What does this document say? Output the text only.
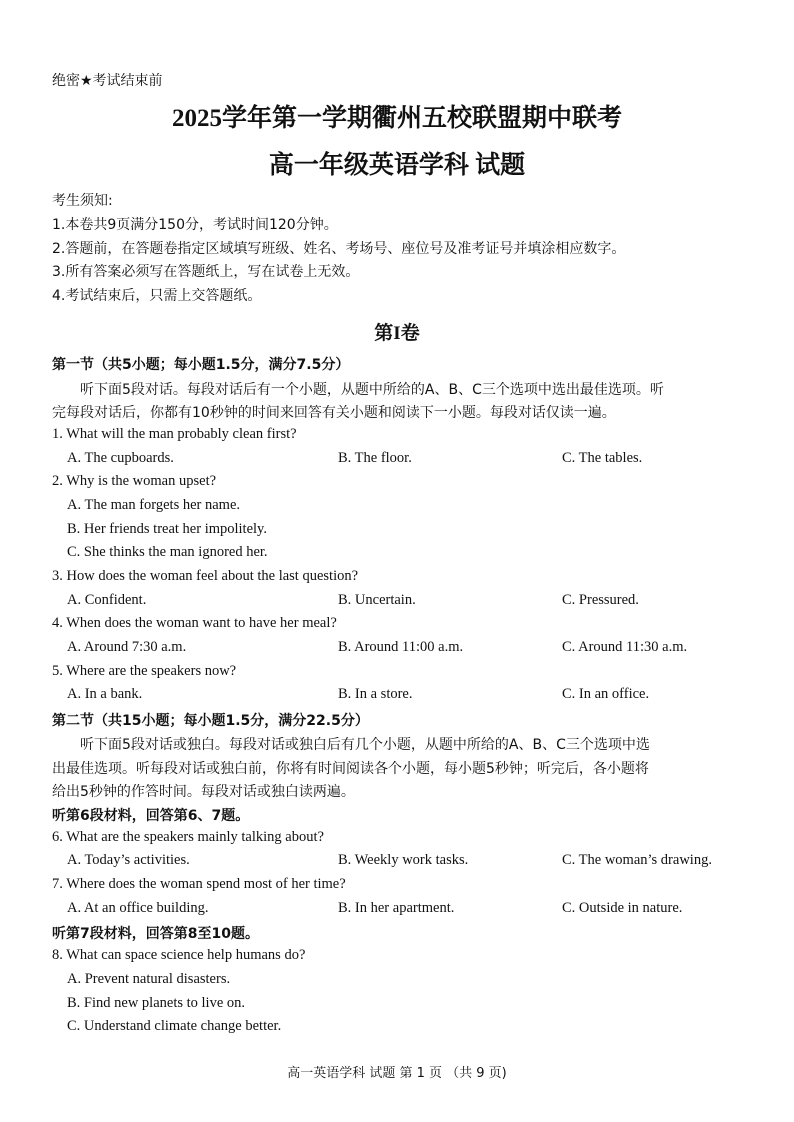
绝密★考试结束前
2025学年第一学期衢州五校联盟期中联考
高一年级英语学科 试题
考生须知:
1.本卷共9页满分150分，考试时间120分钟。
2.答题前，在答题卷指定区域填写班级、姓名、考场号、座位号及准考证号并填涂相应数字。
3.所有答案必须写在答题纸上，写在试卷上无效。
4.考试结束后，只需上交答题纸。
第I卷
第一节（共5小题；每小题1.5分，满分7.5分）
听下面5段对话。每段对话后有一个小题，从题中所给的A、B、C三个选项中选出最佳选项。听
完每段对话后，你都有10秒钟的时间来回答有关小题和阅读下一小题。每段对话仅读一遍。
1. What will the man probably clean first?
A. The cupboards.	B. The floor.	C. The tables.
2. Why is the woman upset?
A. The man forgets her name.
B. Her friends treat her impolitely.
C. She thinks the man ignored her.
3. How does the woman feel about the last question?
A. Confident.	B. Uncertain.	C. Pressured.
4. When does the woman want to have her meal?
A. Around 7:30 a.m.	B. Around 11:00 a.m.	C. Around 11:30 a.m.
5. Where are the speakers now?
A. In a bank.	B. In a store.	C. In an office.
第二节（共15小题；每小题1.5分，满分22.5分）
听下面5段对话或独白。每段对话或独白后有几个小题，从题中所给的A、B、C三个选项中选
出最佳选项。听每段对话或独白前，你将有时间阅读各个小题，每小题5秒钟；听完后，各小题将
给出5秒钟的作答时间。每段对话或独白读两遍。
听第6段材料，回答第6、7题。
6. What are the speakers mainly talking about?
A. Today’s activities.	B. Weekly work tasks.	C. The woman’s drawing.
7. Where does the woman spend most of her time?
A. At an office building.	B. In her apartment.	C. Outside in nature.
听第7段材料，回答第8至10题。
8. What can space science help humans do?
A. Prevent natural disasters.
B. Find new planets to live on.
C. Understand climate change better.
高一英语学科 试题 第 1 页 （共 9 页)
